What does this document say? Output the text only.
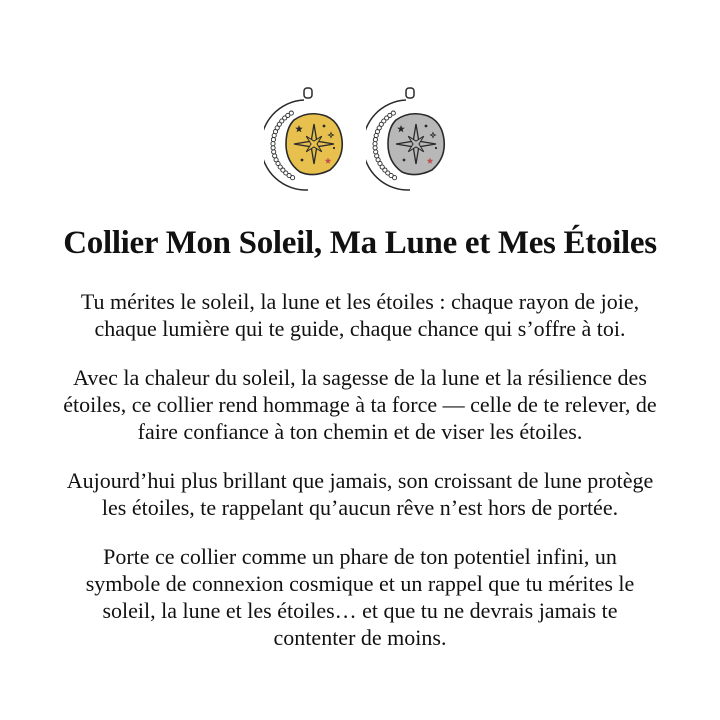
Collier Mon Soleil, Ma Lune et Mes Étoiles

Tu mérites le soleil, la lune et les étoiles : chaque rayon de joie,
chaque lumière qui te guide, chaque chance qui s’offre à toi.

Avec la chaleur du soleil, la sagesse de la lune et la résilience des
étoiles, ce collier rend hommage à ta force — celle de te relever, de
faire confiance à ton chemin et de viser les étoiles.

Aujourd’hui plus brillant que jamais, son croissant de lune protège
les étoiles, te rappelant qu’aucun rêve n’est hors de portée.

Porte ce collier comme un phare de ton potentiel infini, un
symbole de connexion cosmique et un rappel que tu mérites le
soleil, la lune et les étoiles… et que tu ne devrais jamais te
contenter de moins.
